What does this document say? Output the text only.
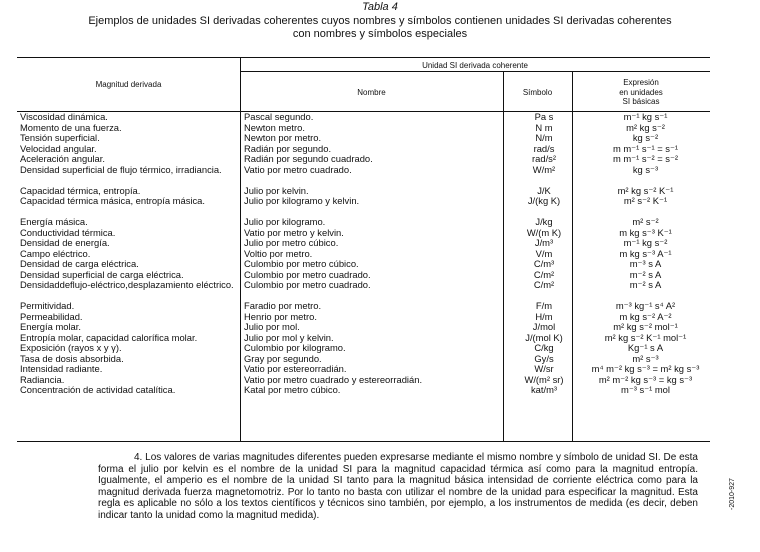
Tabla 4
Ejemplos de unidades SI derivadas coherentes cuyos nombres y símbolos contienen unidades SI derivadas coherentes con nombres y símbolos especiales
Magnitud derivada
Unidad SI derivada coherente
Nombre	Símbolo
Expresión
en unidades
SI básicas
Viscosidad dinámica.	Pascal segundo.	Pa s	m⁻¹ kg s⁻¹

Momento de una fuerza.	Newton metro.	N m	m² kg s⁻²

Tensión superficial.	Newton por metro.	N/m	kg s⁻²

Velocidad angular.	Radián por segundo.	rad/s	m m⁻¹ s⁻¹ = s⁻¹

Aceleración angular.	Radián por segundo cuadrado.	rad/s²	m m⁻¹ s⁻² = s⁻²

Densidad superficial de flujo térmico, irradiancia.	Vatio por metro cuadrado.	W/m²	kg s⁻³

Capacidad térmica, entropía.	Julio por kelvin.	J/K	m² kg s⁻² K⁻¹

Capacidad térmica másica, entropía másica.	Julio por kilogramo y kelvin.	J/(kg K)	m² s⁻² K⁻¹

Energía másica.	Julio por kilogramo.	J/kg	m² s⁻²

Conductividad térmica.	Vatio por metro y kelvin.	W/(m K)	m kg s⁻³ K⁻¹

Densidad de energía.	Julio por metro cúbico.	J/m³	m⁻¹ kg s⁻²

Campo eléctrico.	Voltio por metro.	V/m	m kg s⁻³ A⁻¹

Densidad de carga eléctrica.	Culombio por metro cúbico.	C/m³	m⁻³ s A

Densidad superficial de carga eléctrica.	Culombio por metro cuadrado.	C/m²	m⁻² s A

Densidaddeflujo-eléctrico,desplazamiento eléctrico.	Culombio por metro cuadrado.	C/m²	m⁻² s A

Permitividad.	Faradio por metro.	F/m	m⁻³ kg⁻¹ s⁴ A²

Permeabilidad.	Henrio por metro.	H/m	m kg s⁻² A⁻²

Energía molar.	Julio por mol.	J/mol	m² kg s⁻² mol⁻¹

Entropía molar, capacidad calorífica molar.	Julio por mol y kelvin.	J/(mol K)	m² kg s⁻² K⁻¹ mol⁻¹

Exposición (rayos x y γ).	Culombio por kilogramo.	C/kg	Kg⁻¹ s A

Tasa de dosis absorbida.	Gray por segundo.	Gy/s	m² s⁻³

Intensidad radiante.	Vatio por estereorradián.	W/sr	m⁴ m⁻² kg s⁻³ = m² kg s⁻³

Radiancia.	Vatio por metro cuadrado y estereorradián.	W/(m² sr)	m² m⁻² kg s⁻³ = kg s⁻³

Concentración de actividad catalítica.	Katal por metro cúbico.	kat/m³	m⁻³ s⁻¹ mol
4. Los valores de varias magnitudes diferentes pueden expresarse mediante el mismo nombre y símbolo de unidad SI. De esta forma el julio por kelvin es el nombre de la unidad SI para la magnitud capacidad térmica así como para la magnitud entropía. Igualmente, el amperio es el nombre de la unidad SI tanto para la magnitud básica intensidad de corriente eléctrica como para la magnitud derivada fuerza magnetomotriz. Por lo tanto no basta con utilizar el nombre de la unidad para especificar la magnitud. Esta regla es aplicable no sólo a los textos científicos y técnicos sino también, por ejemplo, a los instrumentos de medida (es decir, deben indicar tanto la unidad como la magnitud medida).
-2010-927
